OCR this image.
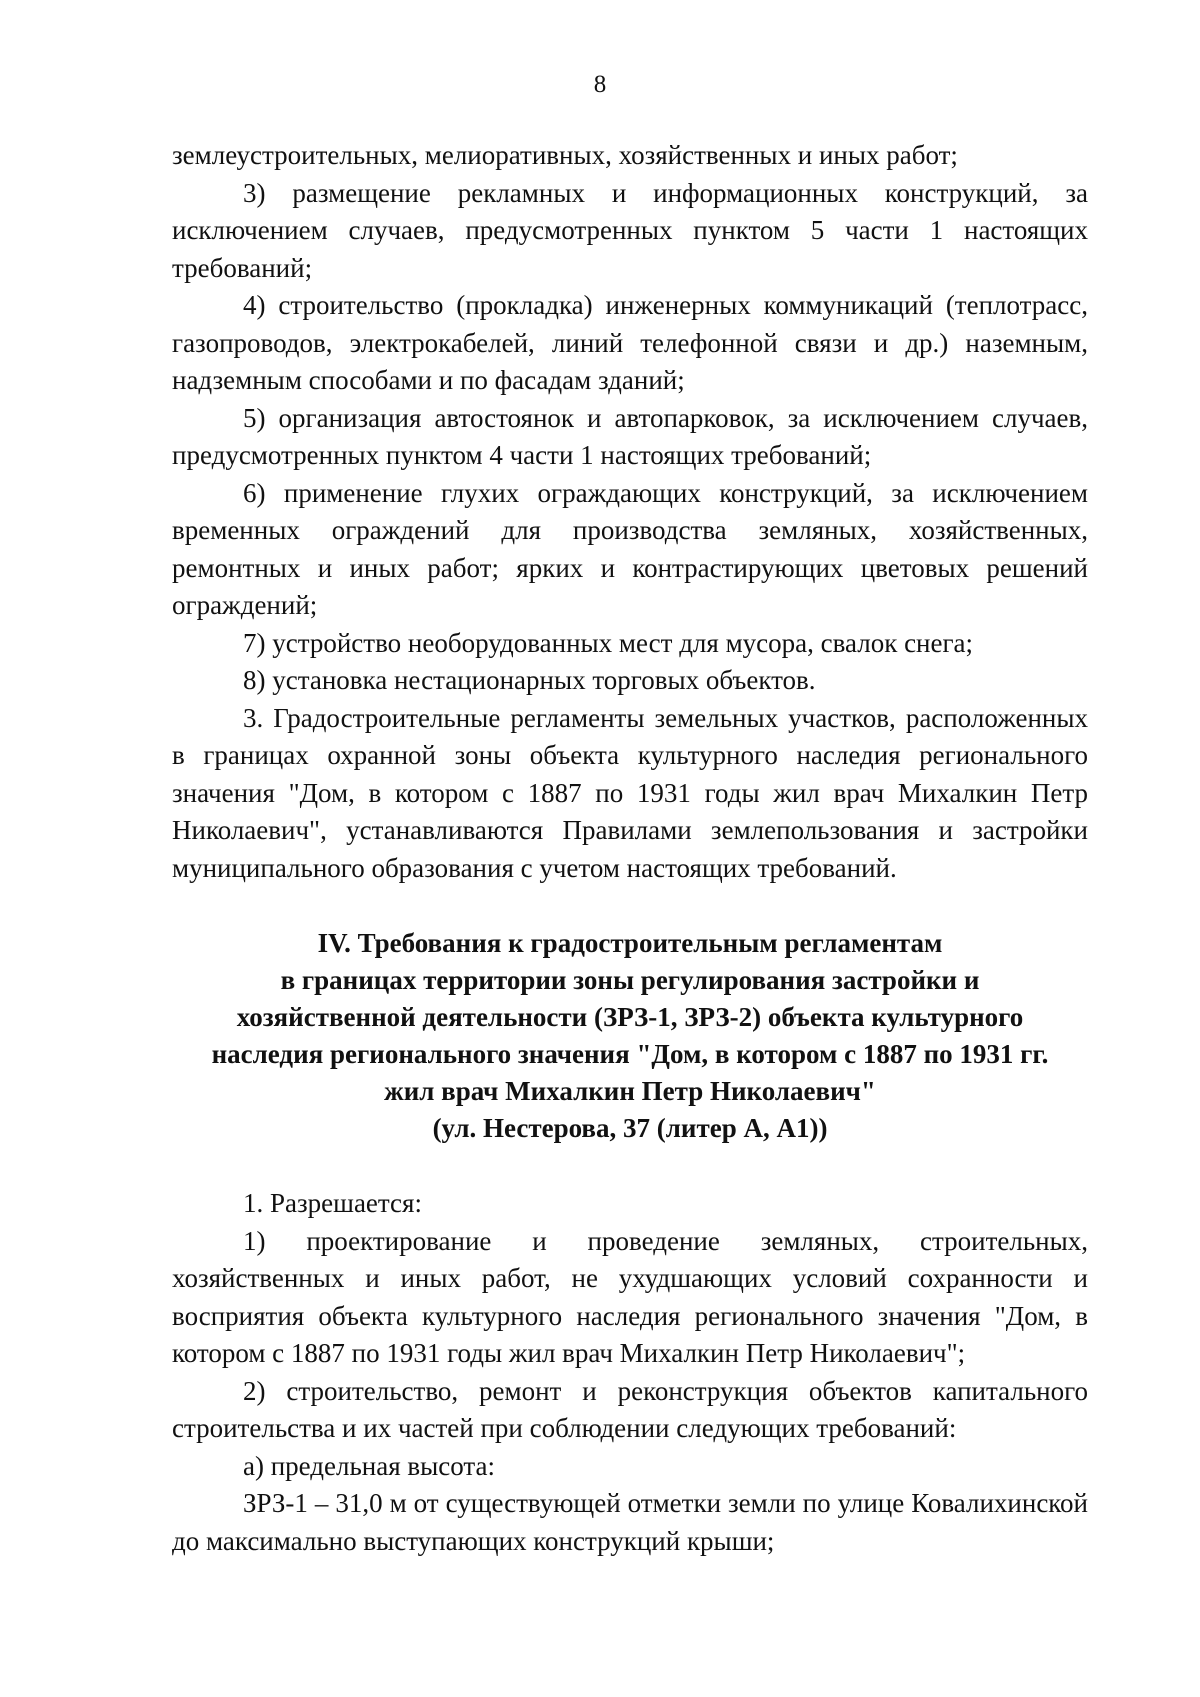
8

землеустроительных, мелиоративных, хозяйственных и иных работ;

3) размещение рекламных и информационных конструкций, за исключением случаев, предусмотренных пунктом 5 части 1 настоящих требований;

4) строительство (прокладка) инженерных коммуникаций (теплотрасс, газопроводов, электрокабелей, линий телефонной связи и др.) наземным, надземным способами и по фасадам зданий;

5) организация автостоянок и автопарковок, за исключением случаев, предусмотренных пунктом 4 части 1 настоящих требований;

6) применение глухих ограждающих конструкций, за исключением временных ограждений для производства земляных, хозяйственных, ремонтных и иных работ; ярких и контрастирующих цветовых решений ограждений;

7) устройство необорудованных мест для мусора, свалок снега;

8) установка нестационарных торговых объектов.

3. Градостроительные регламенты земельных участков, расположенных в границах охранной зоны объекта культурного наследия регионального значения "Дом, в котором с 1887 по 1931 годы жил врач Михалкин Петр Николаевич", устанавливаются Правилами землепользования и застройки муниципального образования с учетом настоящих требований.

IV. Требования к градостроительным регламентам
в границах территории зоны регулирования застройки и
хозяйственной деятельности (ЗРЗ-1, ЗРЗ-2) объекта культурного
наследия регионального значения "Дом, в котором с 1887 по 1931 гг.
жил врач Михалкин Петр Николаевич"
(ул. Нестерова, 37 (литер А, А1))

1. Разрешается:

1) проектирование и проведение земляных, строительных, хозяйственных и иных работ, не ухудшающих условий сохранности и восприятия объекта культурного наследия регионального значения "Дом, в котором с 1887 по 1931 годы жил врач Михалкин Петр Николаевич";

2) строительство, ремонт и реконструкция объектов капитального строительства и их частей при соблюдении следующих требований:

а) предельная высота:

ЗРЗ-1 – 31,0 м от существующей отметки земли по улице Ковалихинской до максимально выступающих конструкций крыши;
